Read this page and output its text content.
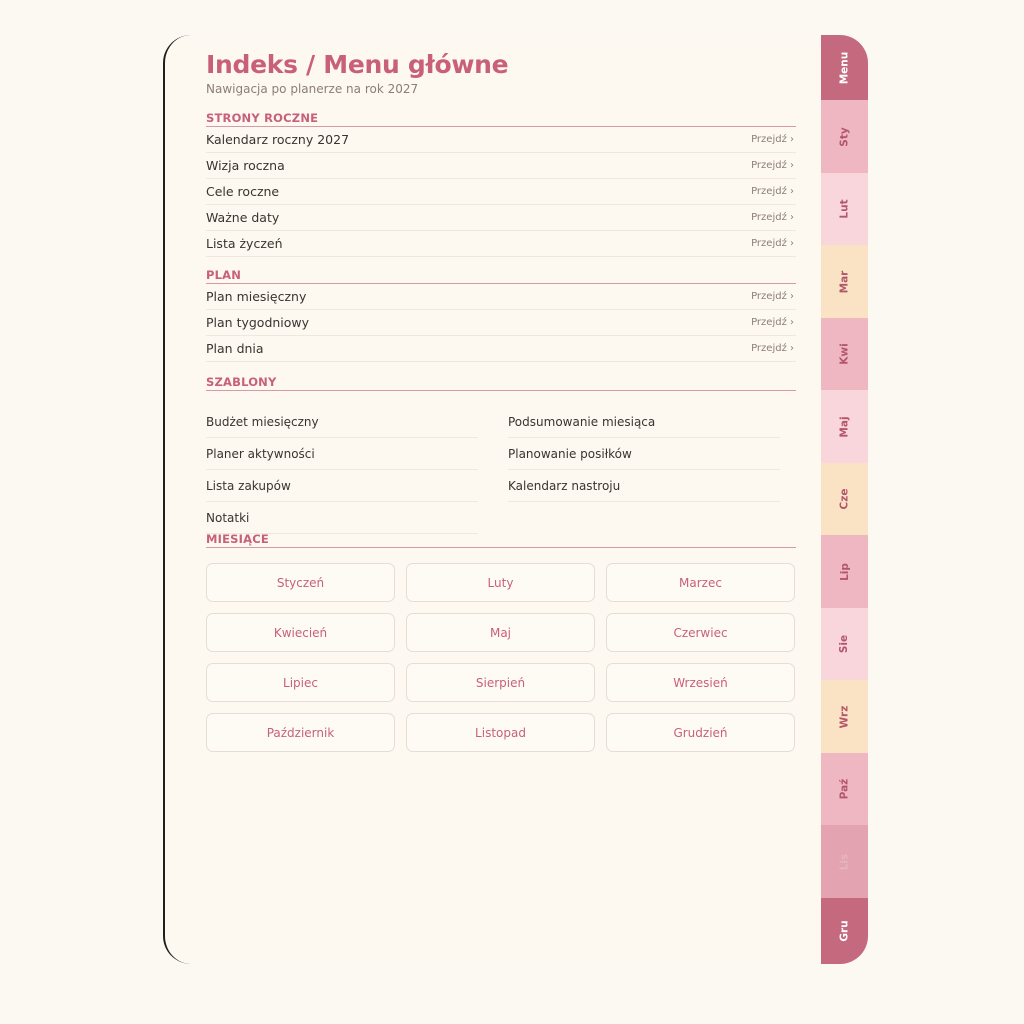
Indeks / Menu główne
Nawigacja po planerze na rok 2027
STRONY ROCZNE
Kalendarz roczny 2027	Przejdź ›
Wizja roczna	Przejdź ›
Cele roczne	Przejdź ›
Ważne daty	Przejdź ›
Lista życzeń	Przejdź ›
PLAN
Plan miesięczny	Przejdź ›
Plan tygodniowy	Przejdź ›
Plan dnia	Przejdź ›
SZABLONY
Budżet miesięczny
Planer aktywności
Lista zakupów
Notatki
Podsumowanie miesiąca
Planowanie posiłków
Kalendarz nastroju
MIESIĄCE
Styczeń	Luty	Marzec
Kwiecień	Maj	Czerwiec
Lipiec	Sierpień	Wrzesień
Październik	Listopad	Grudzień
Menu
Sty
Lut
Mar
Kwi
Maj
Cze
Lip
Sie
Wrz
Paź
Lis
Gru
